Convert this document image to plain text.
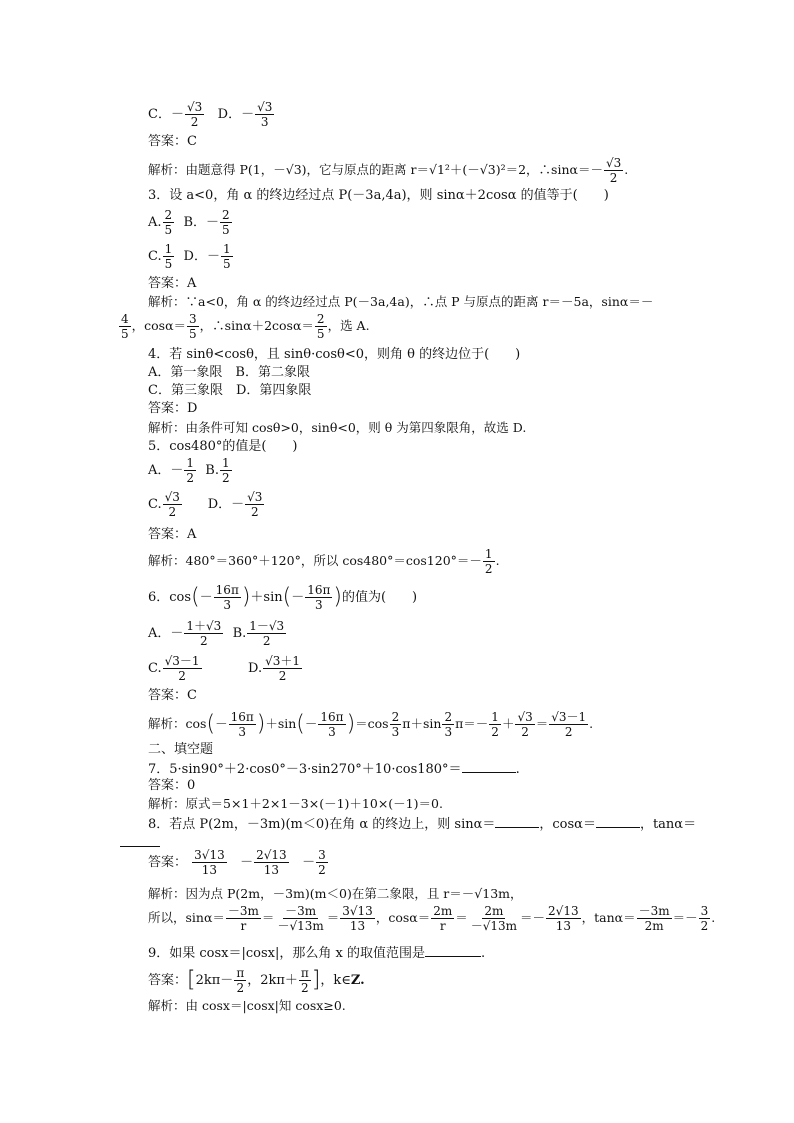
C．－ $\frac{√3}{2}$ D．－ $\frac{√3}{3}$
答案：C
解析：由题意得 P(1，－√3)，它与原点的距离 r＝√1²＋(－√3)²＝2，∴sinα＝－ $\frac{√3}{2}$ .
3．设 a<0，角 α 的终边经过点 P(－3a,4a)，则 sinα＋2cosα 的值等于(　　)
A. $\frac{2}{5}$ B．－ $\frac{2}{5}$
C. $\frac{1}{5}$ D．－ $\frac{1}{5}$
答案：A
解析：∵a<0，角 α 的终边经过点 P(－3a,4a)，∴点 P 与原点的距离 r＝－5a，sinα＝－
$\frac{4}{5}$ ，$\cos\alpha= \frac{3}{5}$ ，∴sinα＋2cosα＝ $\frac{2}{5}$ ，选 A.
4．若 sinθ<cosθ，且 sinθ·cosθ<0，则角 θ 的终边位于(　　)
A．第一象限　B．第二象限
C．第三象限　D．第四象限
答案：D
解析：由条件可知 cosθ>0，sinθ<0，则 θ 为第四象限角，故选 D.
5．cos480°的值是(　　)
A．－ $\frac{1}{2} B$. $\frac{1}{2}$
C. $\frac{√3}{2}$ D．－ $\frac{√3}{2}$
答案：A
解析：480°＝360°＋120°，所以 $\cos 480^\circ=\cos 120^\circ=- \frac{1}{2}$ .
6．$\cos(- \frac{16\pi}{3} )+\sin(- \frac{16\pi}{3}$ )的值为(　　)
A．－ $\frac{1+√3}{2} B$. $\frac{1-√3}{2}$
C. $\frac{√3-1}{2}$	D. $\frac{√3+1}{2}$
答案：C
解析：$\cos(- \frac{16\pi}{3} )+\sin(- \frac{16\pi}{3} )=\cos \frac{2}{3} \pi+\sin \frac{2}{3} \pi=- \frac{1}{2} + \frac{√3}{2} = \frac{√3-1}{2}$ .
二、填空题
7．5·sin90°＋2·cos0°－3·sin270°＋10·cos180°＝	.
答案：0
解析：原式＝5×1＋2×1－3×(－1)＋10×(－1)＝0.
8．若点 P(2m，－3m)(m＜0)在角 α 的终边上，则 sinα＝	，cosα＝	，tanα＝
答案： $\frac{3√13}{13} - \frac{2√13}{13} - \frac{3}{2}$
解析：因为点 P(2m，－3m)(m＜0)在第二象限，且 r＝－√13m，
所以，$\sin\alpha= \frac{-3m}{r} = \frac{-3m}{-√13m} = \frac{3√13}{13}$ ，$\cos\alpha= \frac{2m}{r} = \frac{2m}{-√13m} =- \frac{2√13}{13}$ ，$\tan\alpha= \frac{-3m}{2m} =- \frac{3}{2}$ .
9．如果 cosx＝|cosx|，那么角 x 的取值范围是	.
答案：[$2k\pi- \frac{\pi}{2}$ ，$2k\pi+ \frac{\pi}{2}$ ]，k∈Z.
解析：由 cosx＝|cosx|知 cosx≥0.
